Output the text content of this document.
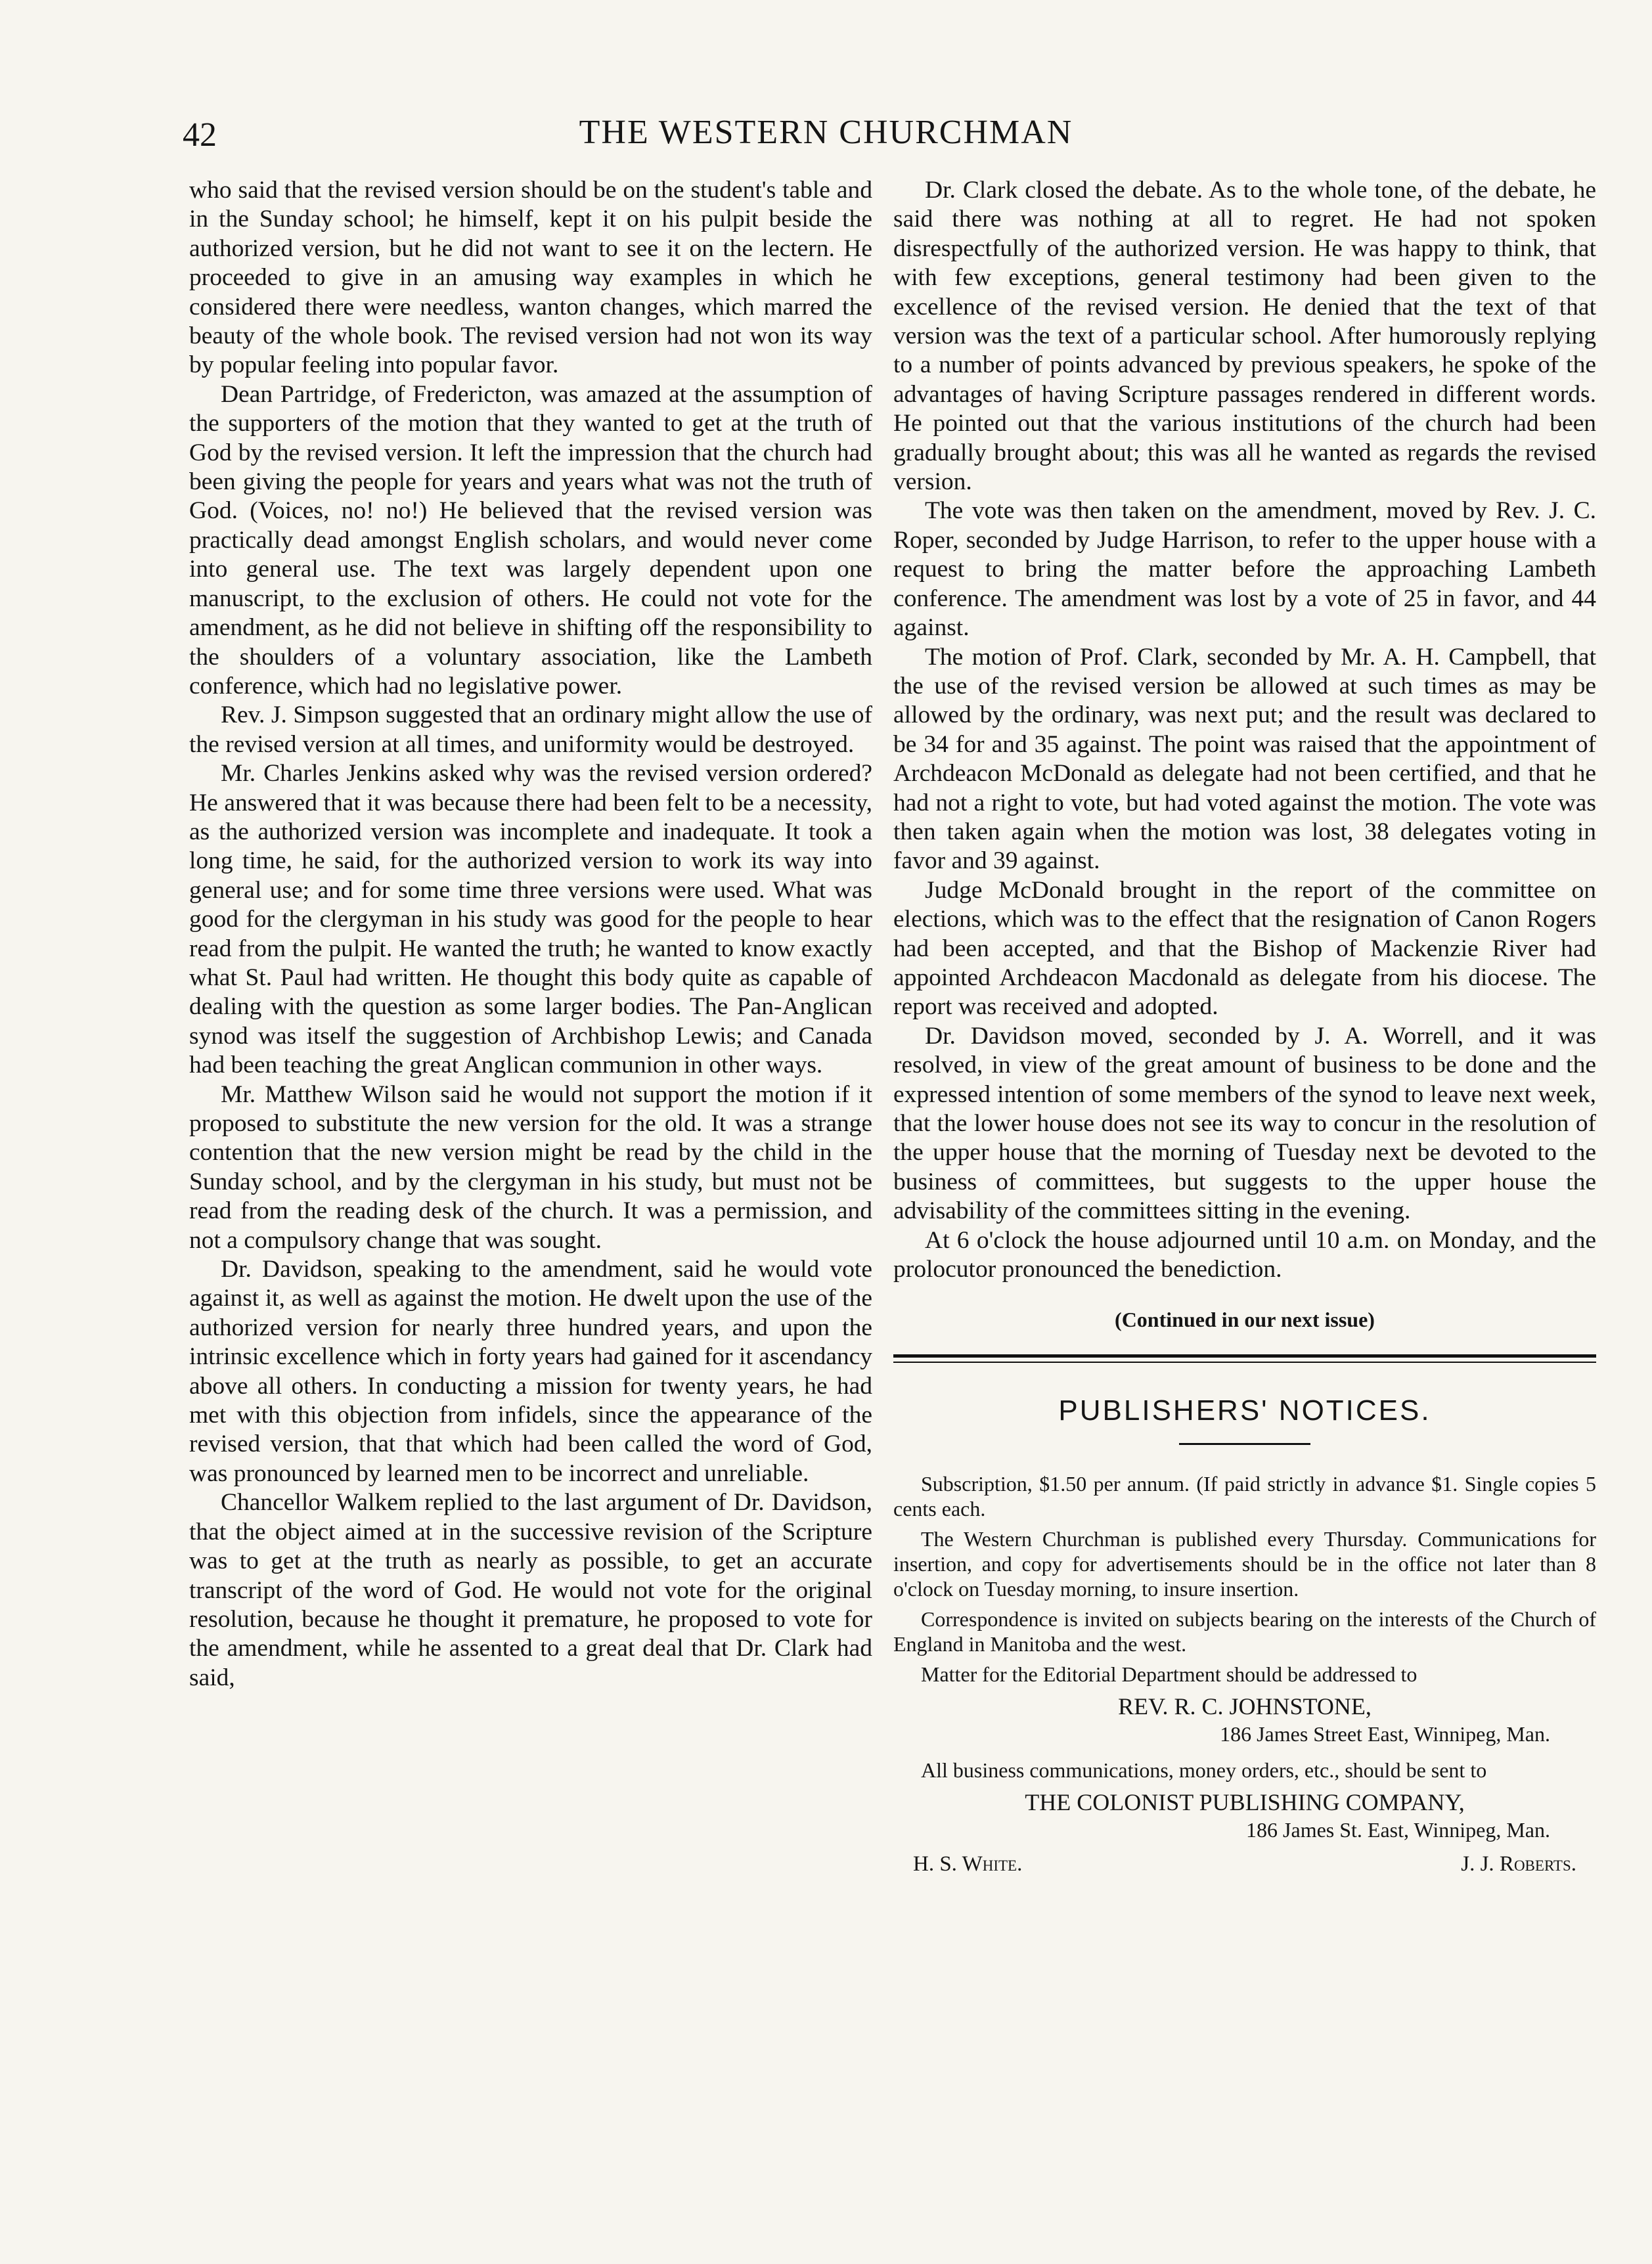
42	THE WESTERN CHURCHMAN

who said that the revised version should be on the student's table and in the Sunday school; he himself, kept it on his pulpit beside the authorized version, but he did not want to see it on the lectern. He proceeded to give in an amusing way examples in which he considered there were needless, wanton changes, which marred the beauty of the whole book. The revised version had not won its way by popular feeling into popular favor.

Dean Partridge, of Fredericton, was amazed at the assumption of the supporters of the motion that they wanted to get at the truth of God by the revised version. It left the impression that the church had been giving the people for years and years what was not the truth of God. (Voices, no! no!) He believed that the revised version was practically dead amongst English scholars, and would never come into general use. The text was largely dependent upon one manuscript, to the exclusion of others. He could not vote for the amendment, as he did not believe in shifting off the responsibility to the shoulders of a voluntary association, like the Lambeth conference, which had no legislative power.

Rev. J. Simpson suggested that an ordinary might allow the use of the revised version at all times, and uniformity would be destroyed.

Mr. Charles Jenkins asked why was the revised version ordered? He answered that it was because there had been felt to be a necessity, as the authorized version was incomplete and inadequate. It took a long time, he said, for the authorized version to work its way into general use; and for some time three versions were used. What was good for the clergyman in his study was good for the people to hear read from the pulpit. He wanted the truth; he wanted to know exactly what St. Paul had written. He thought this body quite as capable of dealing with the question as some larger bodies. The Pan-Anglican synod was itself the suggestion of Archbishop Lewis; and Canada had been teaching the great Anglican communion in other ways.

Mr. Matthew Wilson said he would not support the motion if it proposed to substitute the new version for the old. It was a strange contention that the new version might be read by the child in the Sunday school, and by the clergyman in his study, but must not be read from the reading desk of the church. It was a permission, and not a compulsory change that was sought.

Dr. Davidson, speaking to the amendment, said he would vote against it, as well as against the motion. He dwelt upon the use of the authorized version for nearly three hundred years, and upon the intrinsic excellence which in forty years had gained for it ascendancy above all others. In conducting a mission for twenty years, he had met with this objection from infidels, since the appearance of the revised version, that that which had been called the word of God, was pronounced by learned men to be incorrect and unreliable.

Chancellor Walkem replied to the last argument of Dr. Davidson, that the object aimed at in the successive revision of the Scripture was to get at the truth as nearly as possible, to get an accurate transcript of the word of God. He would not vote for the original resolution, because he thought it premature, he proposed to vote for the amendment, while he assented to a great deal that Dr. Clark had said,

Dr. Clark closed the debate. As to the whole tone, of the debate, he said there was nothing at all to regret. He had not spoken disrespectfully of the authorized version. He was happy to think, that with few exceptions, general testimony had been given to the excellence of the revised version. He denied that the text of that version was the text of a particular school. After humorously replying to a number of points advanced by previous speakers, he spoke of the advantages of having Scripture passages rendered in different words. He pointed out that the various institutions of the church had been gradually brought about; this was all he wanted as regards the revised version.

The vote was then taken on the amendment, moved by Rev. J. C. Roper, seconded by Judge Harrison, to refer to the upper house with a request to bring the matter before the approaching Lambeth conference. The amendment was lost by a vote of 25 in favor, and 44 against.

The motion of Prof. Clark, seconded by Mr. A. H. Campbell, that the use of the revised version be allowed at such times as may be allowed by the ordinary, was next put; and the result was declared to be 34 for and 35 against. The point was raised that the appointment of Archdeacon McDonald as delegate had not been certified, and that he had not a right to vote, but had voted against the motion. The vote was then taken again when the motion was lost, 38 delegates voting in favor and 39 against.

Judge McDonald brought in the report of the committee on elections, which was to the effect that the resignation of Canon Rogers had been accepted, and that the Bishop of Mackenzie River had appointed Archdeacon Macdonald as delegate from his diocese. The report was received and adopted.

Dr. Davidson moved, seconded by J. A. Worrell, and it was resolved, in view of the great amount of business to be done and the expressed intention of some members of the synod to leave next week, that the lower house does not see its way to concur in the resolution of the upper house that the morning of Tuesday next be devoted to the business of committees, but suggests to the upper house the advisability of the committees sitting in the evening.

At 6 o'clock the house adjourned until 10 a.m. on Monday, and the prolocutor pronounced the benediction.

(Continued in our next issue)
PUBLISHERS' NOTICES.

Subscription, $1.50 per annum. (If paid strictly in advance $1. Single copies 5 cents each.

The Western Churchman is published every Thursday. Communications for insertion, and copy for advertisements should be in the office not later than 8 o'clock on Tuesday morning, to insure insertion.

Correspondence is invited on subjects bearing on the interests of the Church of England in Manitoba and the west.

Matter for the Editorial Department should be addressed to

REV. R. C. JOHNSTONE,
186 James Street East, Winnipeg, Man.

All business communications, money orders, etc., should be sent to

THE COLONIST PUBLISHING COMPANY,
186 James St. East, Winnipeg, Man.
H. S. White.	J. J. Roberts.
